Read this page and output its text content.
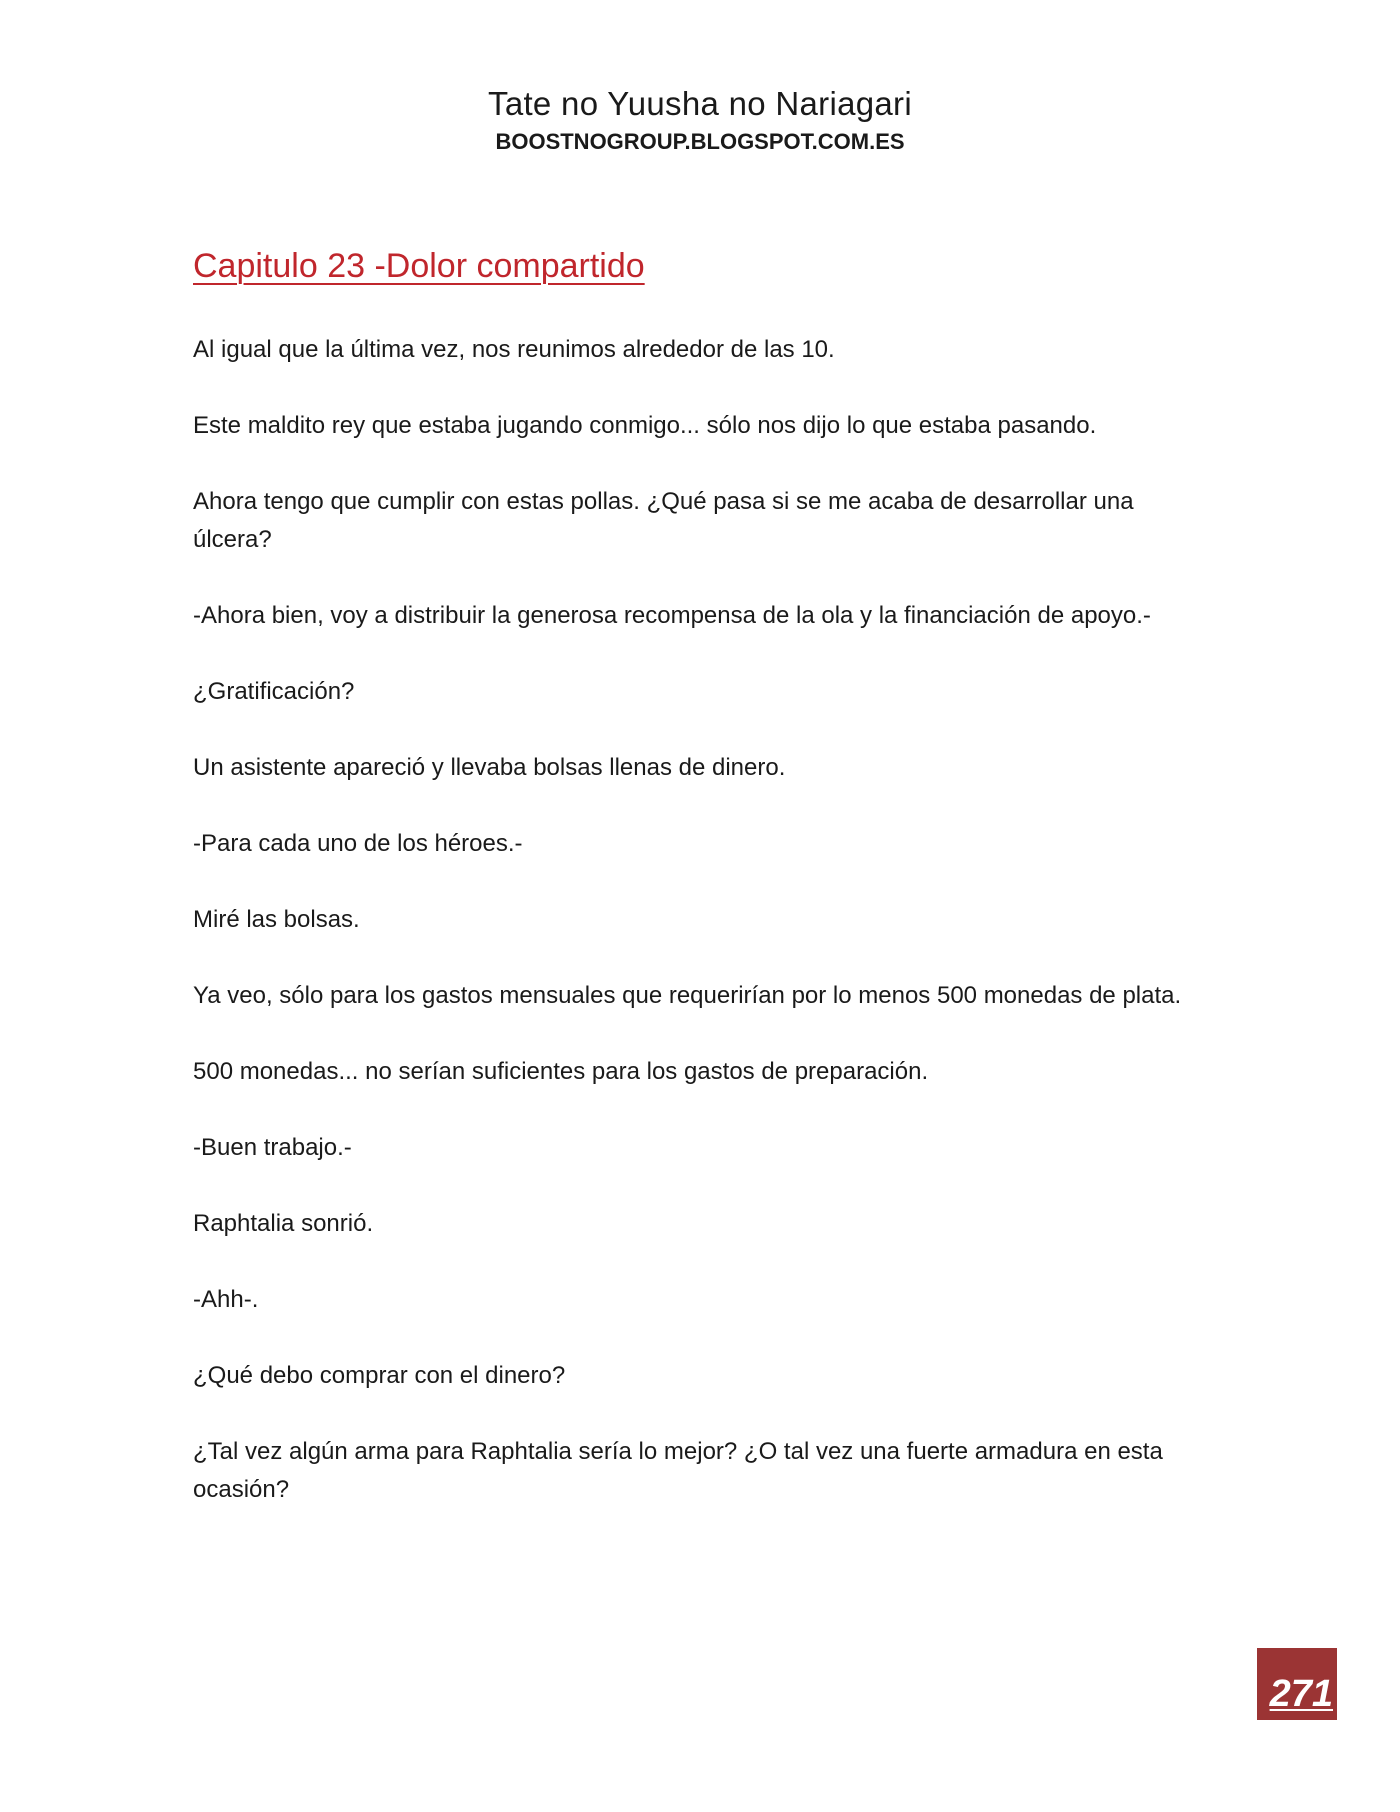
Tate no Yuusha no Nariagari
BOOSTNOGROUP.BLOGSPOT.COM.ES
Capitulo 23 -Dolor compartido

Al igual que la última vez, nos reunimos alrededor de las 10.

Este maldito rey que estaba jugando conmigo... sólo nos dijo lo que estaba pasando.

Ahora tengo que cumplir con estas pollas. ¿Qué pasa si se me acaba de desarrollar una úlcera?

-Ahora bien, voy a distribuir la generosa recompensa de la ola y la financiación de apoyo.-

¿Gratificación?

Un asistente apareció y llevaba bolsas llenas de dinero.

-Para cada uno de los héroes.-

Miré las bolsas.

Ya veo, sólo para los gastos mensuales que requerirían por lo menos 500 monedas de plata.

500 monedas... no serían suficientes para los gastos de preparación.

-Buen trabajo.-

Raphtalia sonrió.

-Ahh-.

¿Qué debo comprar con el dinero?

¿Tal vez algún arma para Raphtalia sería lo mejor? ¿O tal vez una fuerte armadura en esta ocasión?

271
